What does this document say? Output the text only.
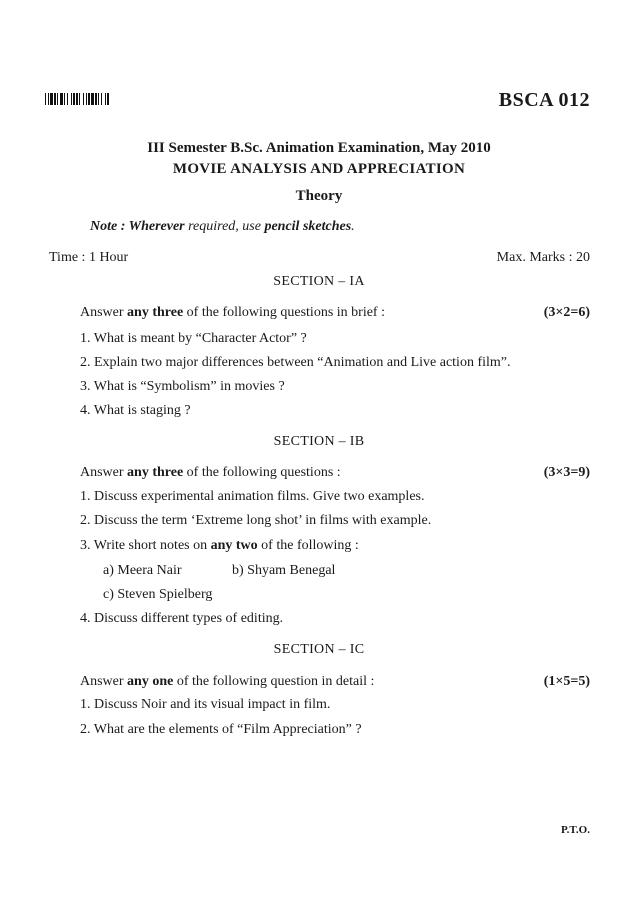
BSCA 012
III Semester B.Sc. Animation Examination, May 2010
MOVIE ANALYSIS AND APPRECIATION
Theory
Note : Wherever required, use pencil sketches.
Time : 1 Hour	Max. Marks : 20
SECTION – IA
Answer any three of the following questions in brief :	(3×2=6)
1. What is meant by “Character Actor” ?
2. Explain two major differences between “Animation and Live action film”.
3. What is “Symbolism” in movies ?
4. What is staging ?
SECTION – IB
Answer any three of the following questions :	(3×3=9)
1. Discuss experimental animation films. Give two examples.
2. Discuss the term ‘Extreme long shot’ in films with example.
3. Write short notes on any two of the following :
a) Meera Nair	b) Shyam Benegal
c) Steven Spielberg
4. Discuss different types of editing.
SECTION – IC
Answer any one of the following question in detail :	(1×5=5)
1. Discuss Noir and its visual impact in film.
2. What are the elements of “Film Appreciation” ?
P.T.O.
